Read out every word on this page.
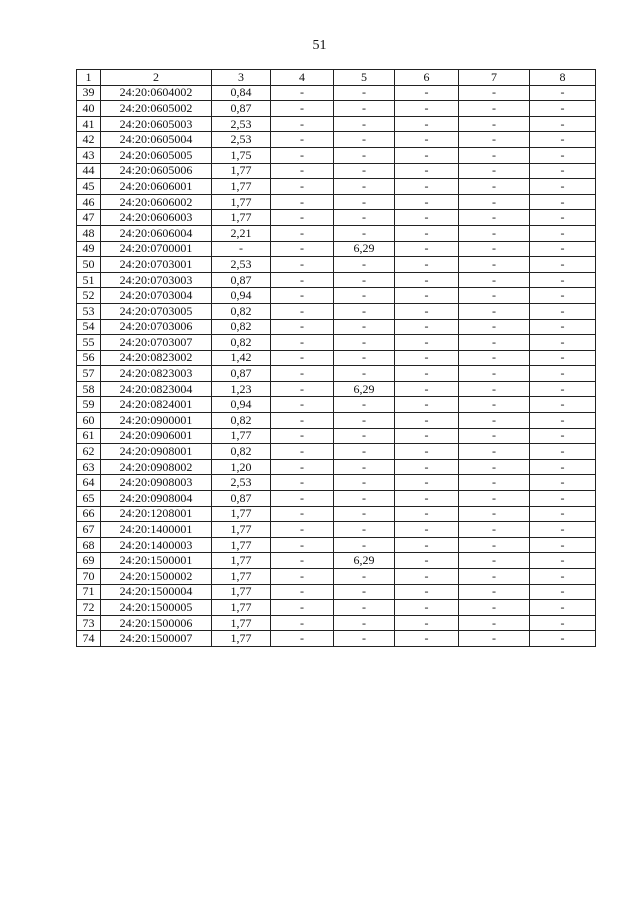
51
1	2	3	4	5	6	7	8
39	24:20:0604002	0,84	-	-	-	-	-
40	24:20:0605002	0,87	-	-	-	-	-
41	24:20:0605003	2,53	-	-	-	-	-
42	24:20:0605004	2,53	-	-	-	-	-
43	24:20:0605005	1,75	-	-	-	-	-
44	24:20:0605006	1,77	-	-	-	-	-
45	24:20:0606001	1,77	-	-	-	-	-
46	24:20:0606002	1,77	-	-	-	-	-
47	24:20:0606003	1,77	-	-	-	-	-
48	24:20:0606004	2,21	-	-	-	-	-
49	24:20:0700001	-	-	6,29	-	-	-
50	24:20:0703001	2,53	-	-	-	-	-
51	24:20:0703003	0,87	-	-	-	-	-
52	24:20:0703004	0,94	-	-	-	-	-
53	24:20:0703005	0,82	-	-	-	-	-
54	24:20:0703006	0,82	-	-	-	-	-
55	24:20:0703007	0,82	-	-	-	-	-
56	24:20:0823002	1,42	-	-	-	-	-
57	24:20:0823003	0,87	-	-	-	-	-
58	24:20:0823004	1,23	-	6,29	-	-	-
59	24:20:0824001	0,94	-	-	-	-	-
60	24:20:0900001	0,82	-	-	-	-	-
61	24:20:0906001	1,77	-	-	-	-	-
62	24:20:0908001	0,82	-	-	-	-	-
63	24:20:0908002	1,20	-	-	-	-	-
64	24:20:0908003	2,53	-	-	-	-	-
65	24:20:0908004	0,87	-	-	-	-	-
66	24:20:1208001	1,77	-	-	-	-	-
67	24:20:1400001	1,77	-	-	-	-	-
68	24:20:1400003	1,77	-	-	-	-	-
69	24:20:1500001	1,77	-	6,29	-	-	-
70	24:20:1500002	1,77	-	-	-	-	-
71	24:20:1500004	1,77	-	-	-	-	-
72	24:20:1500005	1,77	-	-	-	-	-
73	24:20:1500006	1,77	-	-	-	-	-
74	24:20:1500007	1,77	-	-	-	-	-
